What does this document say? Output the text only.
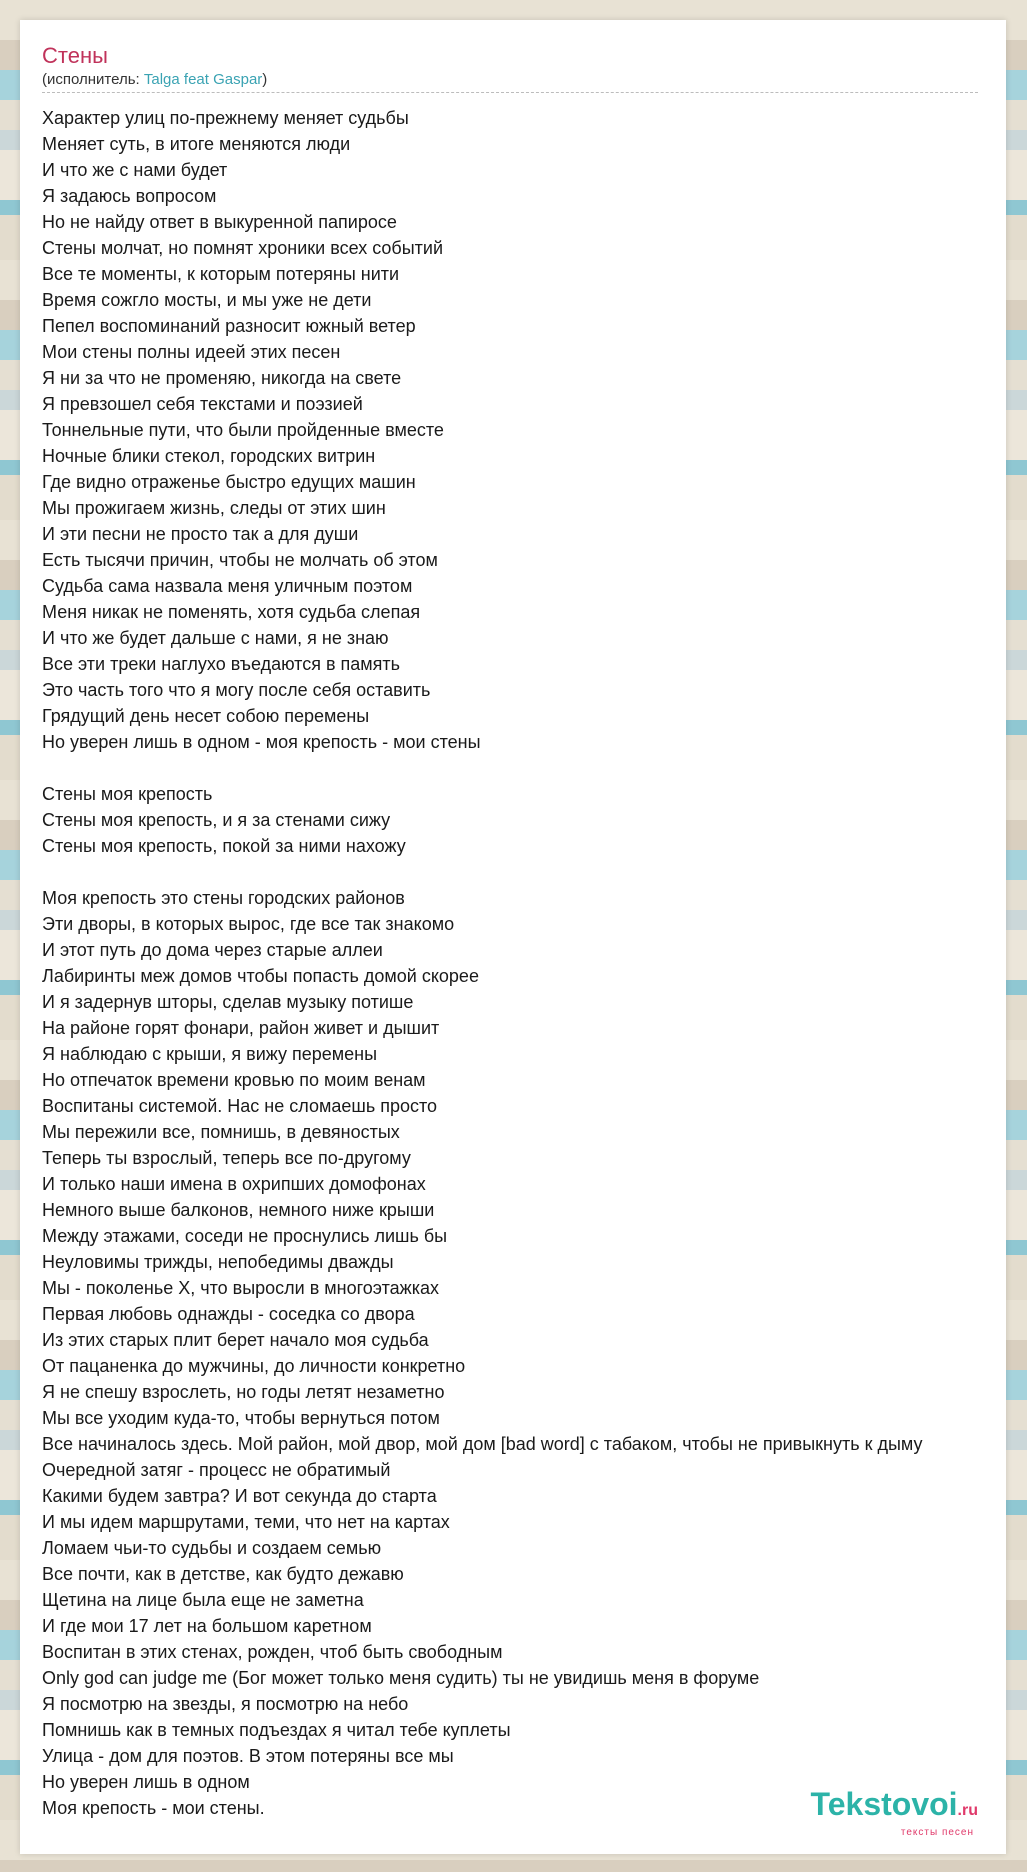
Стены
(исполнитель: Talga feat Gaspar)
Характер улиц по-прежнему меняет судьбы
Меняет суть, в итоге меняются люди
И что же с нами будет
Я задаюсь вопросом
Но не найду ответ в выкуренной папиросе
Стены молчат, но помнят хроники всех событий
Все те моменты, к которым потеряны нити
Время сожгло мосты, и мы уже не дети
Пепел воспоминаний разносит южный ветер
Мои стены полны идеей этих песен
Я ни за что не променяю, никогда на свете
Я превзошел себя текстами и поэзией
Тоннельные пути, что были пройденные вместе
Ночные блики стекол, городских витрин
Где видно отраженье быстро едущих машин
Мы прожигаем жизнь, следы от этих шин
И эти песни не просто так а для души
Есть тысячи причин, чтобы не молчать об этом
Судьба сама назвала меня уличным поэтом
Меня никак не поменять, хотя судьба слепая
И что же будет дальше с нами, я не знаю
Все эти треки наглухо въедаются в память
Это часть того что я могу после себя оставить
Грядущий день несет собою перемены
Но уверен лишь в одном - моя крепость - мои стены
Стены моя крепость
Стены моя крепость, и я за стенами сижу
Стены моя крепость, покой за ними нахожу
Моя крепость это стены городских районов
Эти дворы, в которых вырос, где все так знакомо
И этот путь до дома через старые аллеи
Лабиринты меж домов чтобы попасть домой скорее
И я задернув шторы, сделав музыку потише
На районе горят фонари, район живет и дышит
Я наблюдаю с крыши, я вижу перемены
Но отпечаток времени кровью по моим венам
Воспитаны системой. Нас не сломаешь просто
Мы пережили все, помнишь, в девяностых
Теперь ты взрослый, теперь все по-другому
И только наши имена в охрипших домофонах
Немного выше балконов, немного ниже крыши
Между этажами, соседи не проснулись лишь бы
Неуловимы трижды, непобедимы дважды
Мы - поколенье Х, что выросли в многоэтажках
Первая любовь однажды - соседка со двора
Из этих старых плит берет начало моя судьба
От пацаненка до мужчины, до личности конкретно
Я не спешу взрослеть, но годы летят незаметно
Мы все уходим куда-то, чтобы вернуться потом
Все начиналось здесь. Мой район, мой двор, мой дом [bad word] с табаком, чтобы не привыкнуть к дыму
Очередной затяг - процесс не обратимый
Какими будем завтра? И вот секунда до старта
И мы идем маршрутами, теми, что нет на картах
Ломаем чьи-то судьбы и создаем семью
Все почти, как в детстве, как будто дежавю
Щетина на лице была еще не заметна
И где мои 17 лет на большом каретном
Воспитан в этих стенах, рожден, чтоб быть свободным
Only god can judge me (Бог может только меня судить) ты не увидишь меня в форуме
Я посмотрю на звезды, я посмотрю на небо
Помнишь как в темных подъездах я читал тебе куплеты
Улица - дом для поэтов. В этом потеряны все мы
Но уверен лишь в одном
Моя крепость - мои стены.	Tekstovoi.ru
тексты песен
